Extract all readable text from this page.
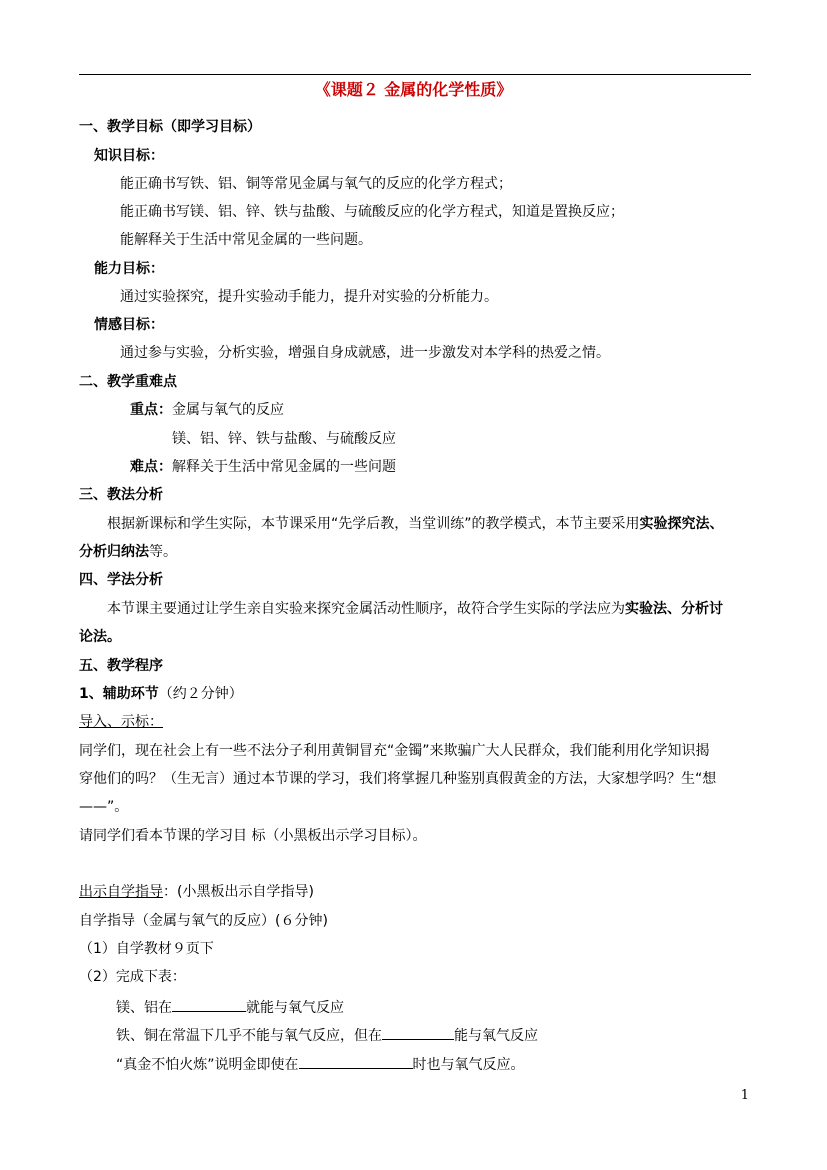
《课题２ 金属的化学性质》
一、教学目标（即学习目标）
知识目标：
能正确书写铁、铝、铜等常见金属与氧气的反应的化学方程式；
能正确书写镁、铝、锌、铁与盐酸、与硫酸反应的化学方程式，知道是置换反应；
能解释关于生活中常见金属的一些问题。
能力目标：
通过实验探究，提升实验动手能力，提升对实验的分析能力。
情感目标：
通过参与实验，分析实验，增强自身成就感，进一步激发对本学科的热爱之情。
二、教学重难点
重点：金属与氧气的反应
镁、铝、锌、铁与盐酸、与硫酸反应
难点：解释关于生活中常见金属的一些问题
三、教法分析
根据新课标和学生实际，本节课采用“先学后教，当堂训练”的教学模式，本节主要采用实验探究法、
分析归纳法等。
四、学法分析
本节课主要通过让学生亲自实验来探究金属活动性顺序，故符合学生实际的学法应为实验法、分析讨
论法。
五、教学程序
1、辅助环节（约２分钟）
导入、示标：
同学们，现在社会上有一些不法分子利用黄铜冒充“金镯”来欺骗广大人民群众，我们能利用化学知识揭
穿他们的吗？（生无言）通过本节课的学习，我们将掌握几种鉴别真假黄金的方法，大家想学吗？生“想
——”。
请同学们看本节课的学习目 标（小黑板出示学习目标）。
出示自学指导：(小黑板出示自学指导)
自学指导（金属与氧气的反应）(６分钟)
（1）自学教材９页下
（2）完成下表：
镁、铝在	就能与氧气反应
铁、铜在常温下几乎不能与氧气反应，但在	能与氧气反应
“真金不怕火炼”说明金即使在	时也与氧气反应。
1
